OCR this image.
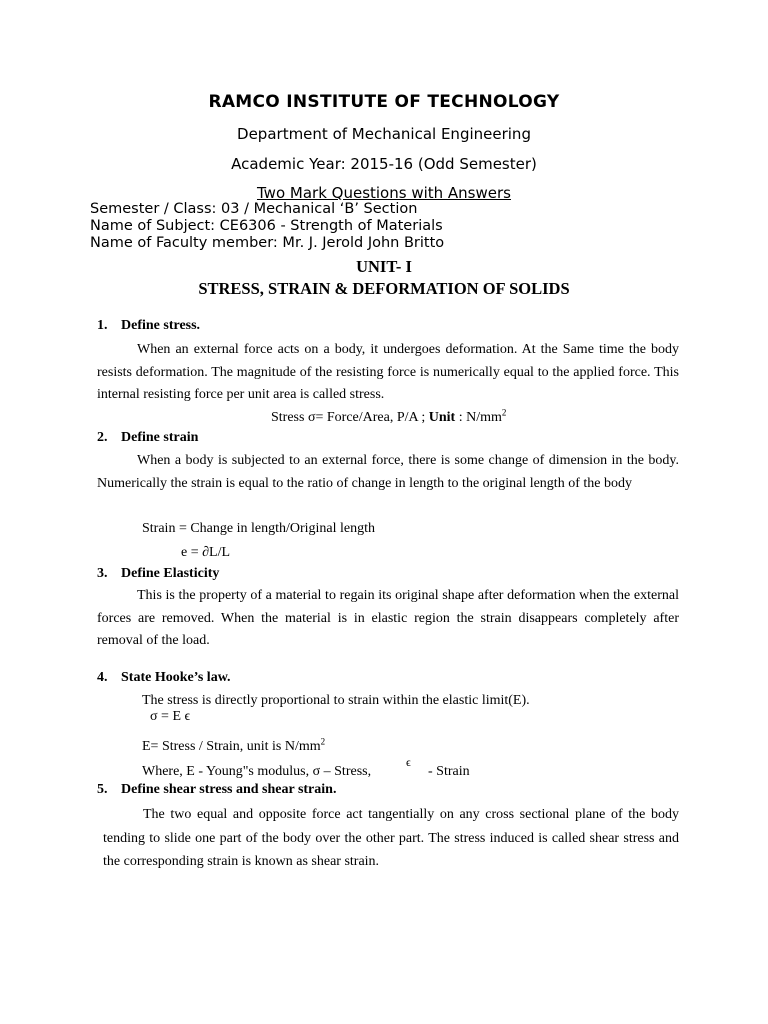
RAMCO INSTITUTE OF TECHNOLOGY
Department of Mechanical Engineering
Academic Year: 2015-16 (Odd Semester)
Two Mark Questions with Answers
Semester / Class: 03 / Mechanical ‘B’ Section
Name of Subject: CE6306 - Strength of Materials
Name of Faculty member: Mr. J. Jerold John Britto
UNIT- I
STRESS, STRAIN & DEFORMATION OF SOLIDS
1. Define stress.
When an external force acts on a body, it undergoes deformation. At the Same time the body resists deformation. The magnitude of the resisting force is numerically equal to the applied force. This internal resisting force per unit area is called stress.
Stress σ= Force/Area, P/A ; Unit : $N/mm^2$
2. Define strain
When a body is subjected to an external force, there is some change of dimension in the body. Numerically the strain is equal to the ratio of change in length to the original length of the body
Strain = Change in length/Original length
e = ∂L/L
3. Define Elasticity
This is the property of a material to regain its original shape after deformation when the external forces are removed. When the material is in elastic region the strain disappears completely after removal of the load.
4. State Hooke’s law.
The stress is directly proportional to strain within the elastic limit(E).
σ = E ϵ
E= Stress / Strain, unit is $N/mm^2$
Where, E - Young"s modulus, σ – Stress,
ϵ
- Strain
5. Define shear stress and shear strain.
The two equal and opposite force act tangentially on any cross sectional plane of the body tending to slide one part of the body over the other part. The stress induced is called shear stress and the corresponding strain is known as shear strain.
